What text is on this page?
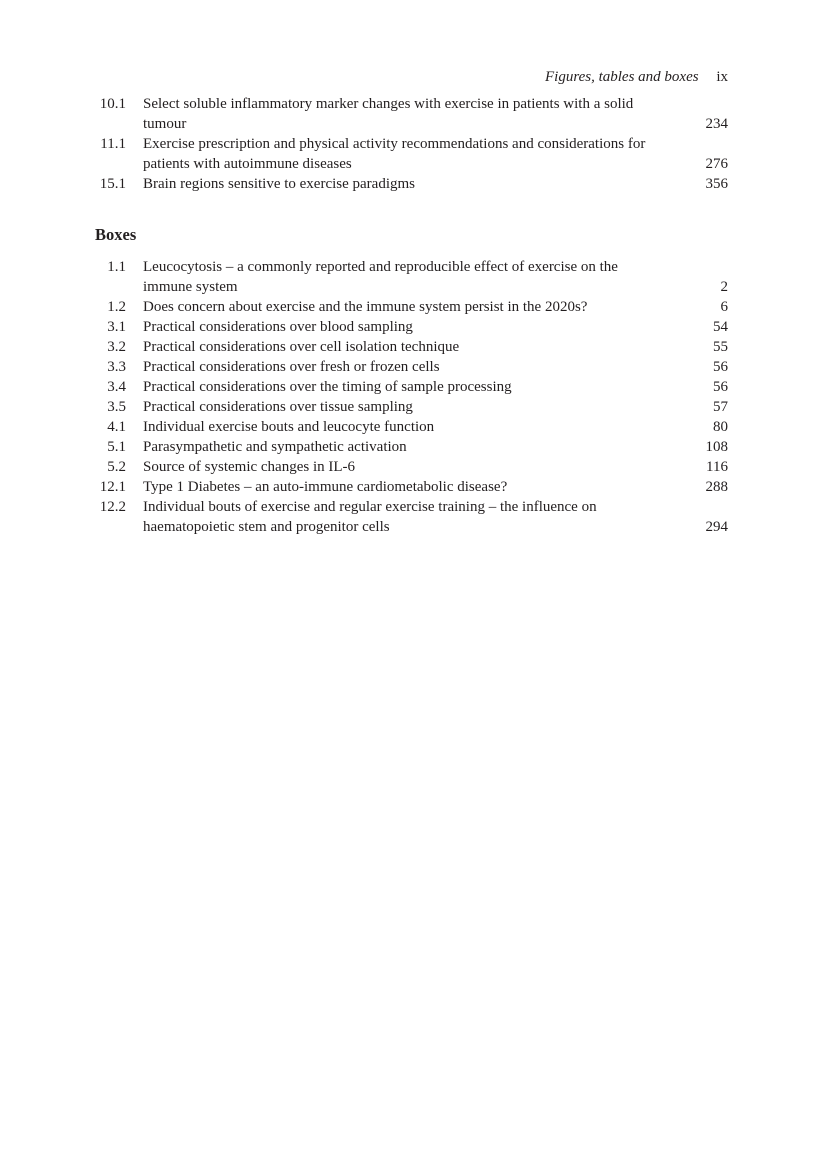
Figures, tables and boxes ix
10.1 Select soluble inflammatory marker changes with exercise in patients with a solid tumour	234
11.1 Exercise prescription and physical activity recommendations and considerations for patients with autoimmune diseases	276
15.1 Brain regions sensitive to exercise paradigms	356
Boxes
1.1 Leucocytosis – a commonly reported and reproducible effect of exercise on the immune system	2
1.2 Does concern about exercise and the immune system persist in the 2020s?	6
3.1 Practical considerations over blood sampling	54
3.2 Practical considerations over cell isolation technique	55
3.3 Practical considerations over fresh or frozen cells	56
3.4 Practical considerations over the timing of sample processing	56
3.5 Practical considerations over tissue sampling	57
4.1 Individual exercise bouts and leucocyte function	80
5.1 Parasympathetic and sympathetic activation	108
5.2 Source of systemic changes in IL-6	116
12.1 Type 1 Diabetes – an auto-immune cardiometabolic disease?	288
12.2 Individual bouts of exercise and regular exercise training – the influence on haematopoietic stem and progenitor cells	294
